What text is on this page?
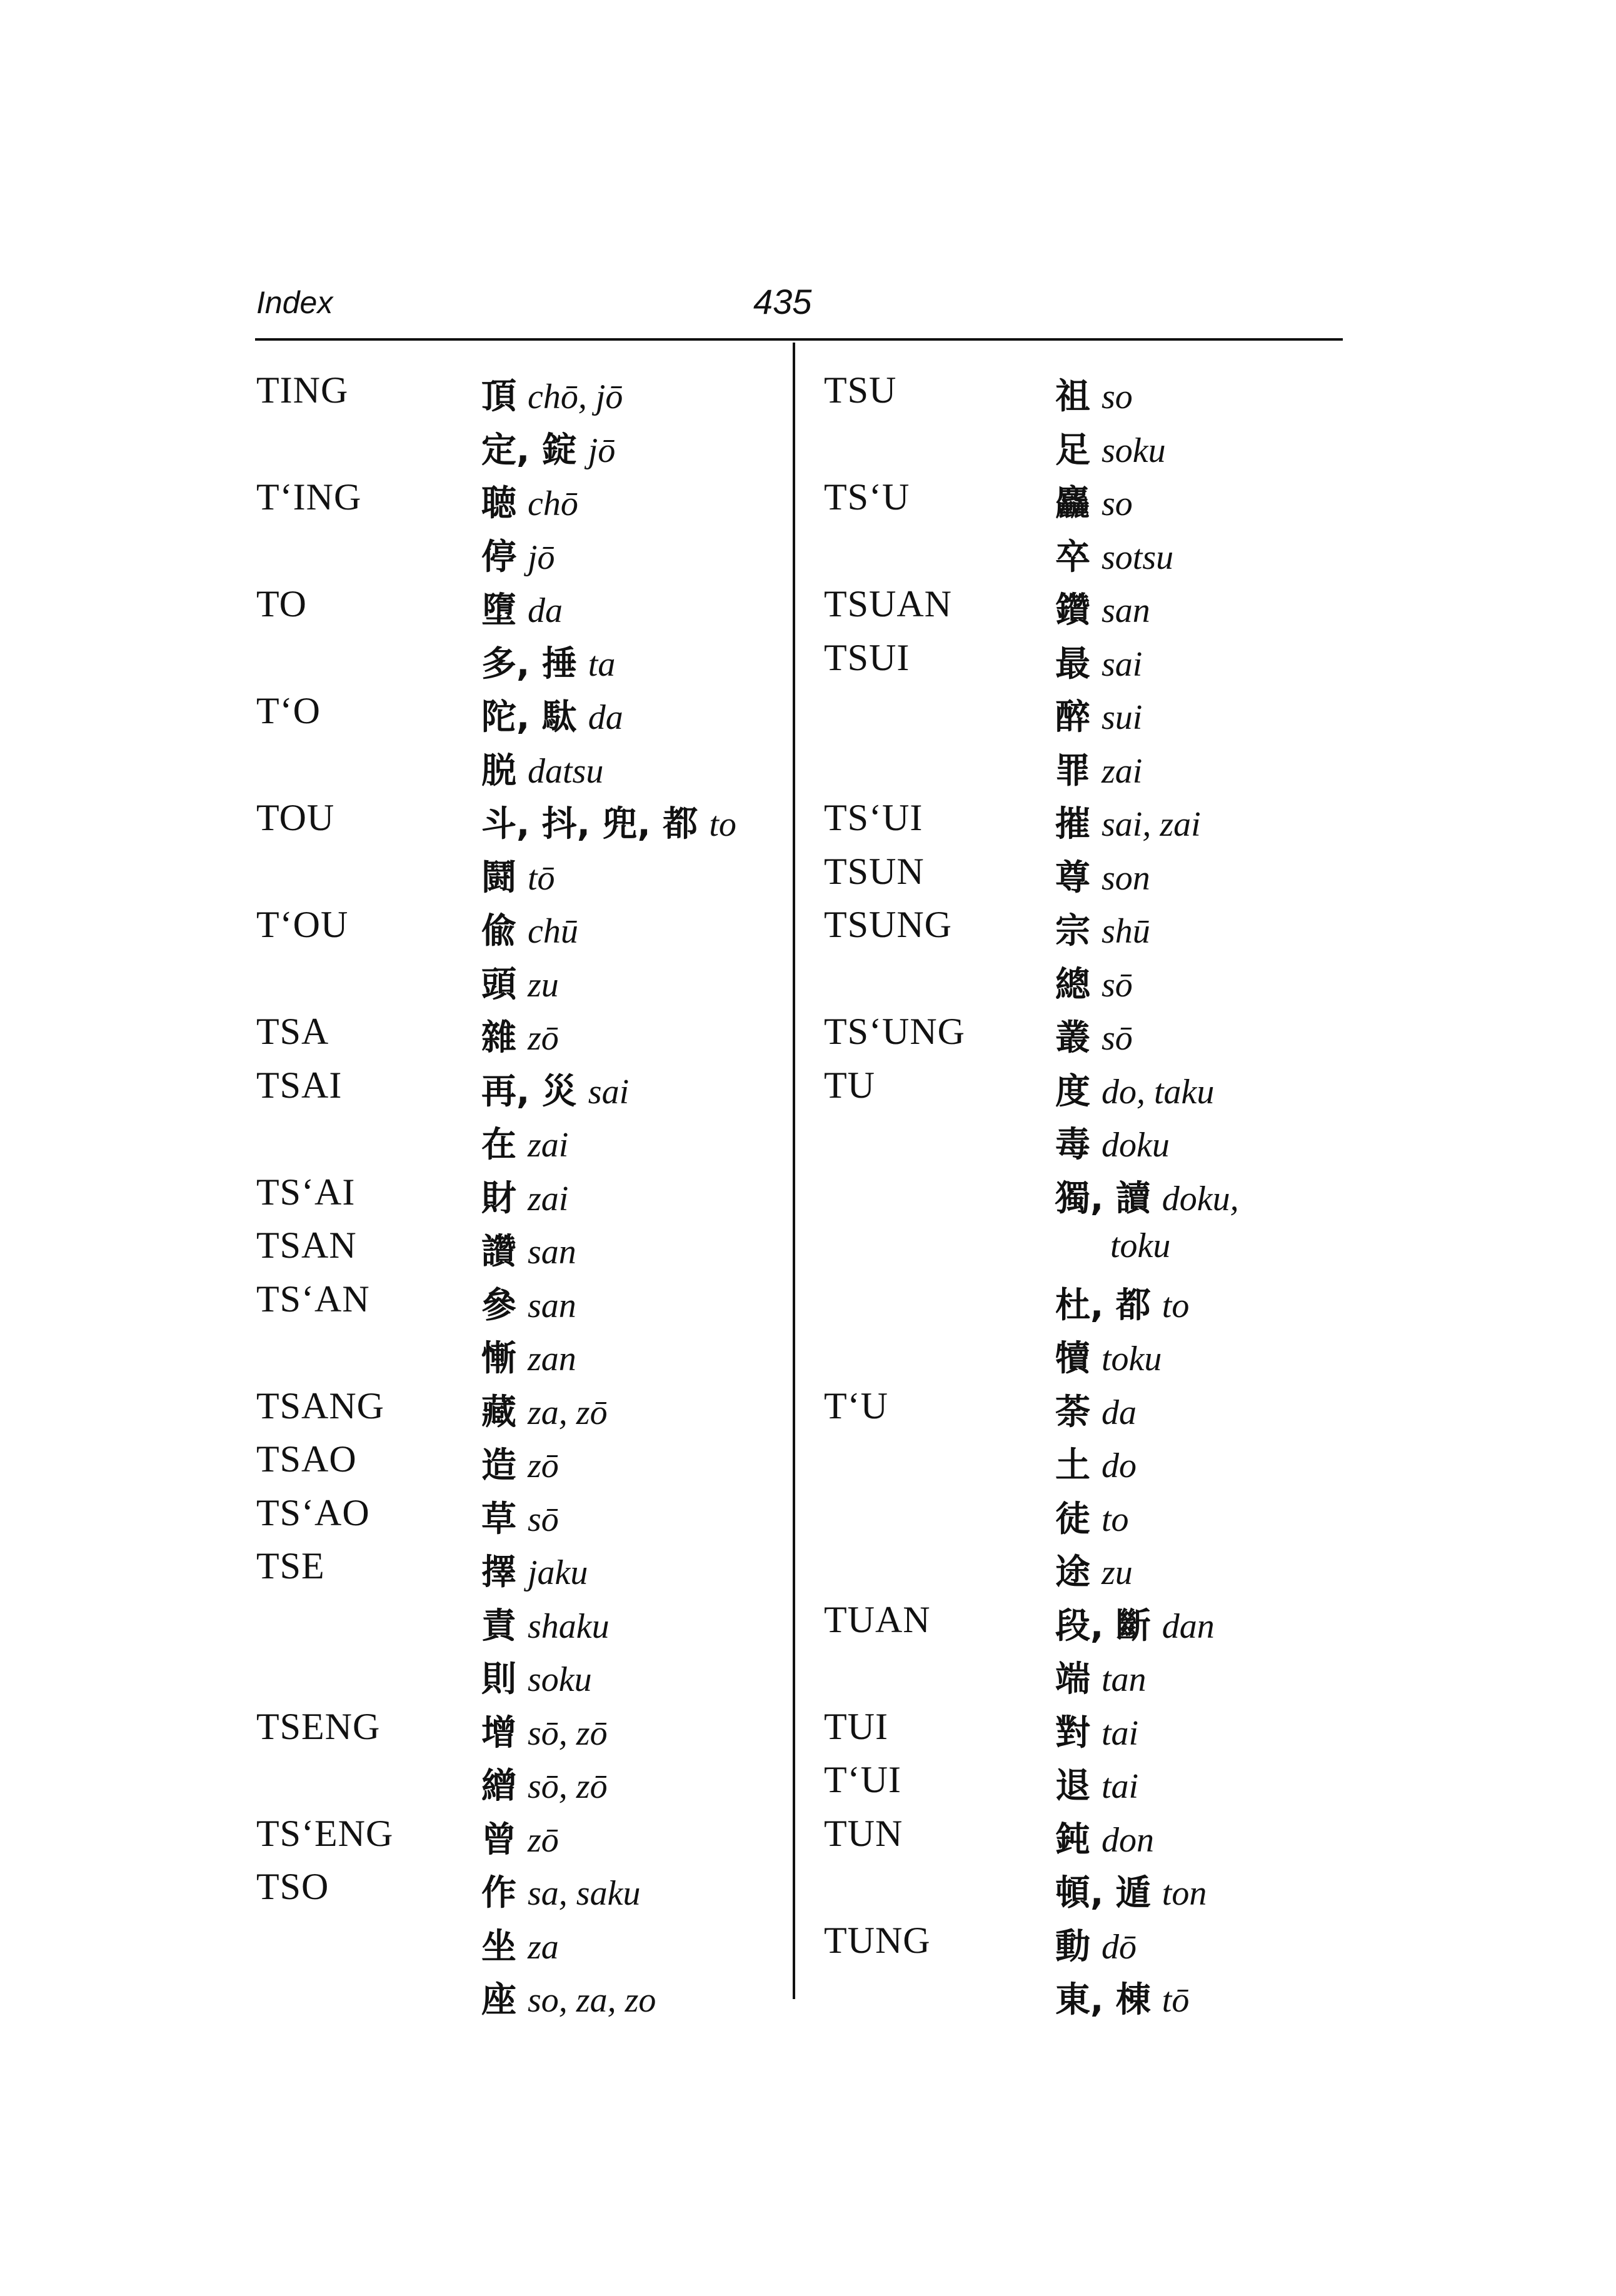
Index	435
TING	頂 chō, jō
定, 錠 jō
T‘ING	聴 chō
停 jō
TO	墮 da
多, 捶 ta
T‘O	陀, 駄 da
脱 datsu
TOU	斗, 抖, 兜, 都 to
鬪 tō
T‘OU	偸 chū
頭 zu
TSA	雜 zō
TSAI	再, 災 sai
在 zai
TS‘AI	財 zai
TSAN	讚 san
TS‘AN	參 san
慚 zan
TSANG	藏 za, zō
TSAO	造 zō
TS‘AO	草 sō
TSE	擇 jaku
責 shaku
則 soku
TSENG	增 sō, zō
繒 sō, zō
TS‘ENG	曾 zō
TSO	作 sa, saku
坐 za
座 so, za, zo
TSU	祖 so
足 soku
TS‘U	麤 so
卒 sotsu
TSUAN	鑽 san
TSUI	最 sai
醉 sui
罪 zai
TS‘UI	摧 sai, zai
TSUN	尊 son
TSUNG	宗 shū
總 sō
TS‘UNG	叢 sō
TU	度 do, taku
毒 doku
獨, 讀 doku,
toku
杜, 都 to
犢 toku
T‘U	荼 da
土 do
徒 to
途 zu
TUAN	段, 斷 dan
端 tan
TUI	對 tai
T‘UI	退 tai
TUN	鈍 don
頓, 遁 ton
TUNG	動 dō
東, 棟 tō
